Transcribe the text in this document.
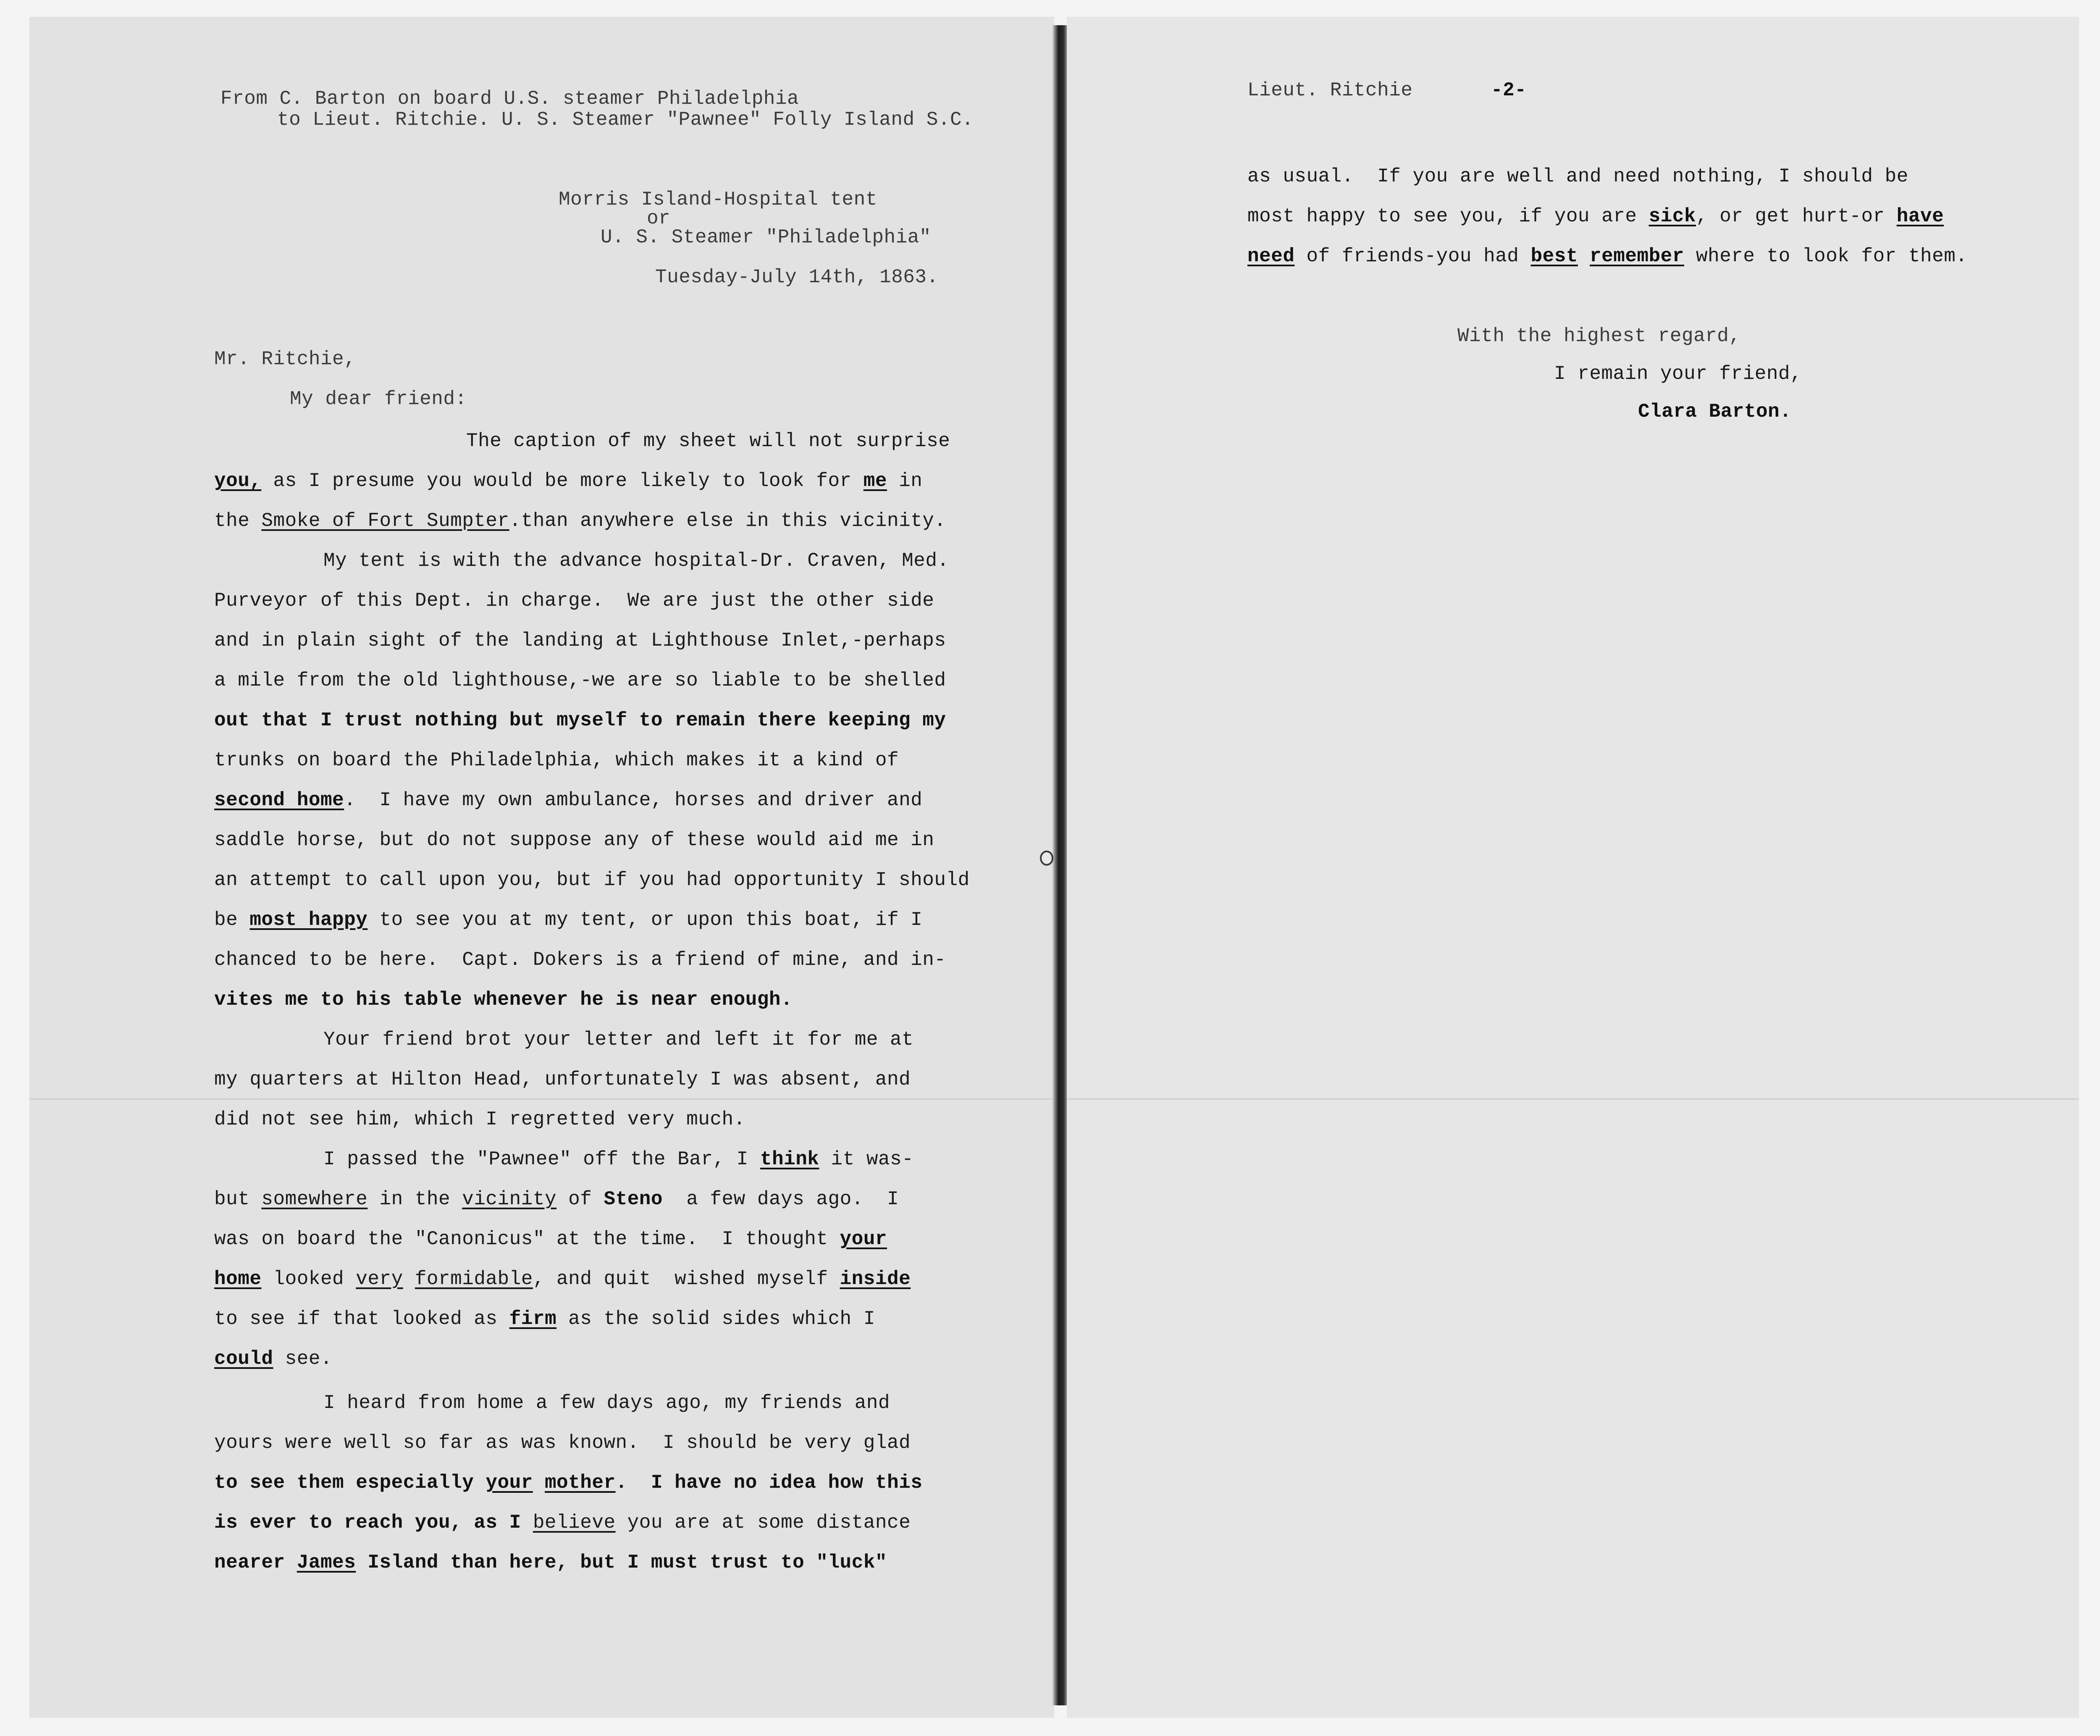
From C. Barton on board U.S. steamer Philadelphia
to Lieut. Ritchie. U. S. Steamer "Pawnee" Folly Island S.C.
Morris Island-Hospital tent
or
U. S. Steamer "Philadelphia"
Tuesday-July 14th, 1863.
Mr. Ritchie,
My dear friend:
The caption of my sheet will not surprise
you, as I presume you would be more likely to look for me in
the Smoke of Fort Sumpter.than anywhere else in this vicinity.
My tent is with the advance hospital-Dr. Craven, Med.
Purveyor of this Dept. in charge.  We are just the other side
and in plain sight of the landing at Lighthouse Inlet,-perhaps
a mile from the old lighthouse,-we are so liable to be shelled
out that I trust nothing but myself to remain there keeping my
trunks on board the Philadelphia, which makes it a kind of
second home.  I have my own ambulance, horses and driver and
saddle horse, but do not suppose any of these would aid me in
an attempt to call upon you, but if you had opportunity I should
be most happy to see you at my tent, or upon this boat, if I
chanced to be here.  Capt. Dokers is a friend of mine, and in-
vites me to his table whenever he is near enough.
Your friend brot your letter and left it for me at
my quarters at Hilton Head, unfortunately I was absent, and
did not see him, which I regretted very much.
I passed the "Pawnee" off the Bar, I think it was-
but somewhere in the vicinity of Steno  a few days ago.  I
was on board the "Canonicus" at the time.  I thought your
home looked very formidable, and quit  wished myself inside
to see if that looked as firm as the solid sides which I
could see.
I heard from home a few days ago, my friends and
yours were well so far as was known.  I should be very glad
to see them especially your mother.  I have no idea how this
is ever to reach you, as I believe you are at some distance
nearer James Island than here, but I must trust to "luck"
Lieut. Ritchie	-2-
as usual.  If you are well and need nothing, I should be
most happy to see you, if you are sick, or get hurt-or have
need of friends-you had best remember where to look for them.
With the highest regard,
I remain your friend,
Clara Barton.
